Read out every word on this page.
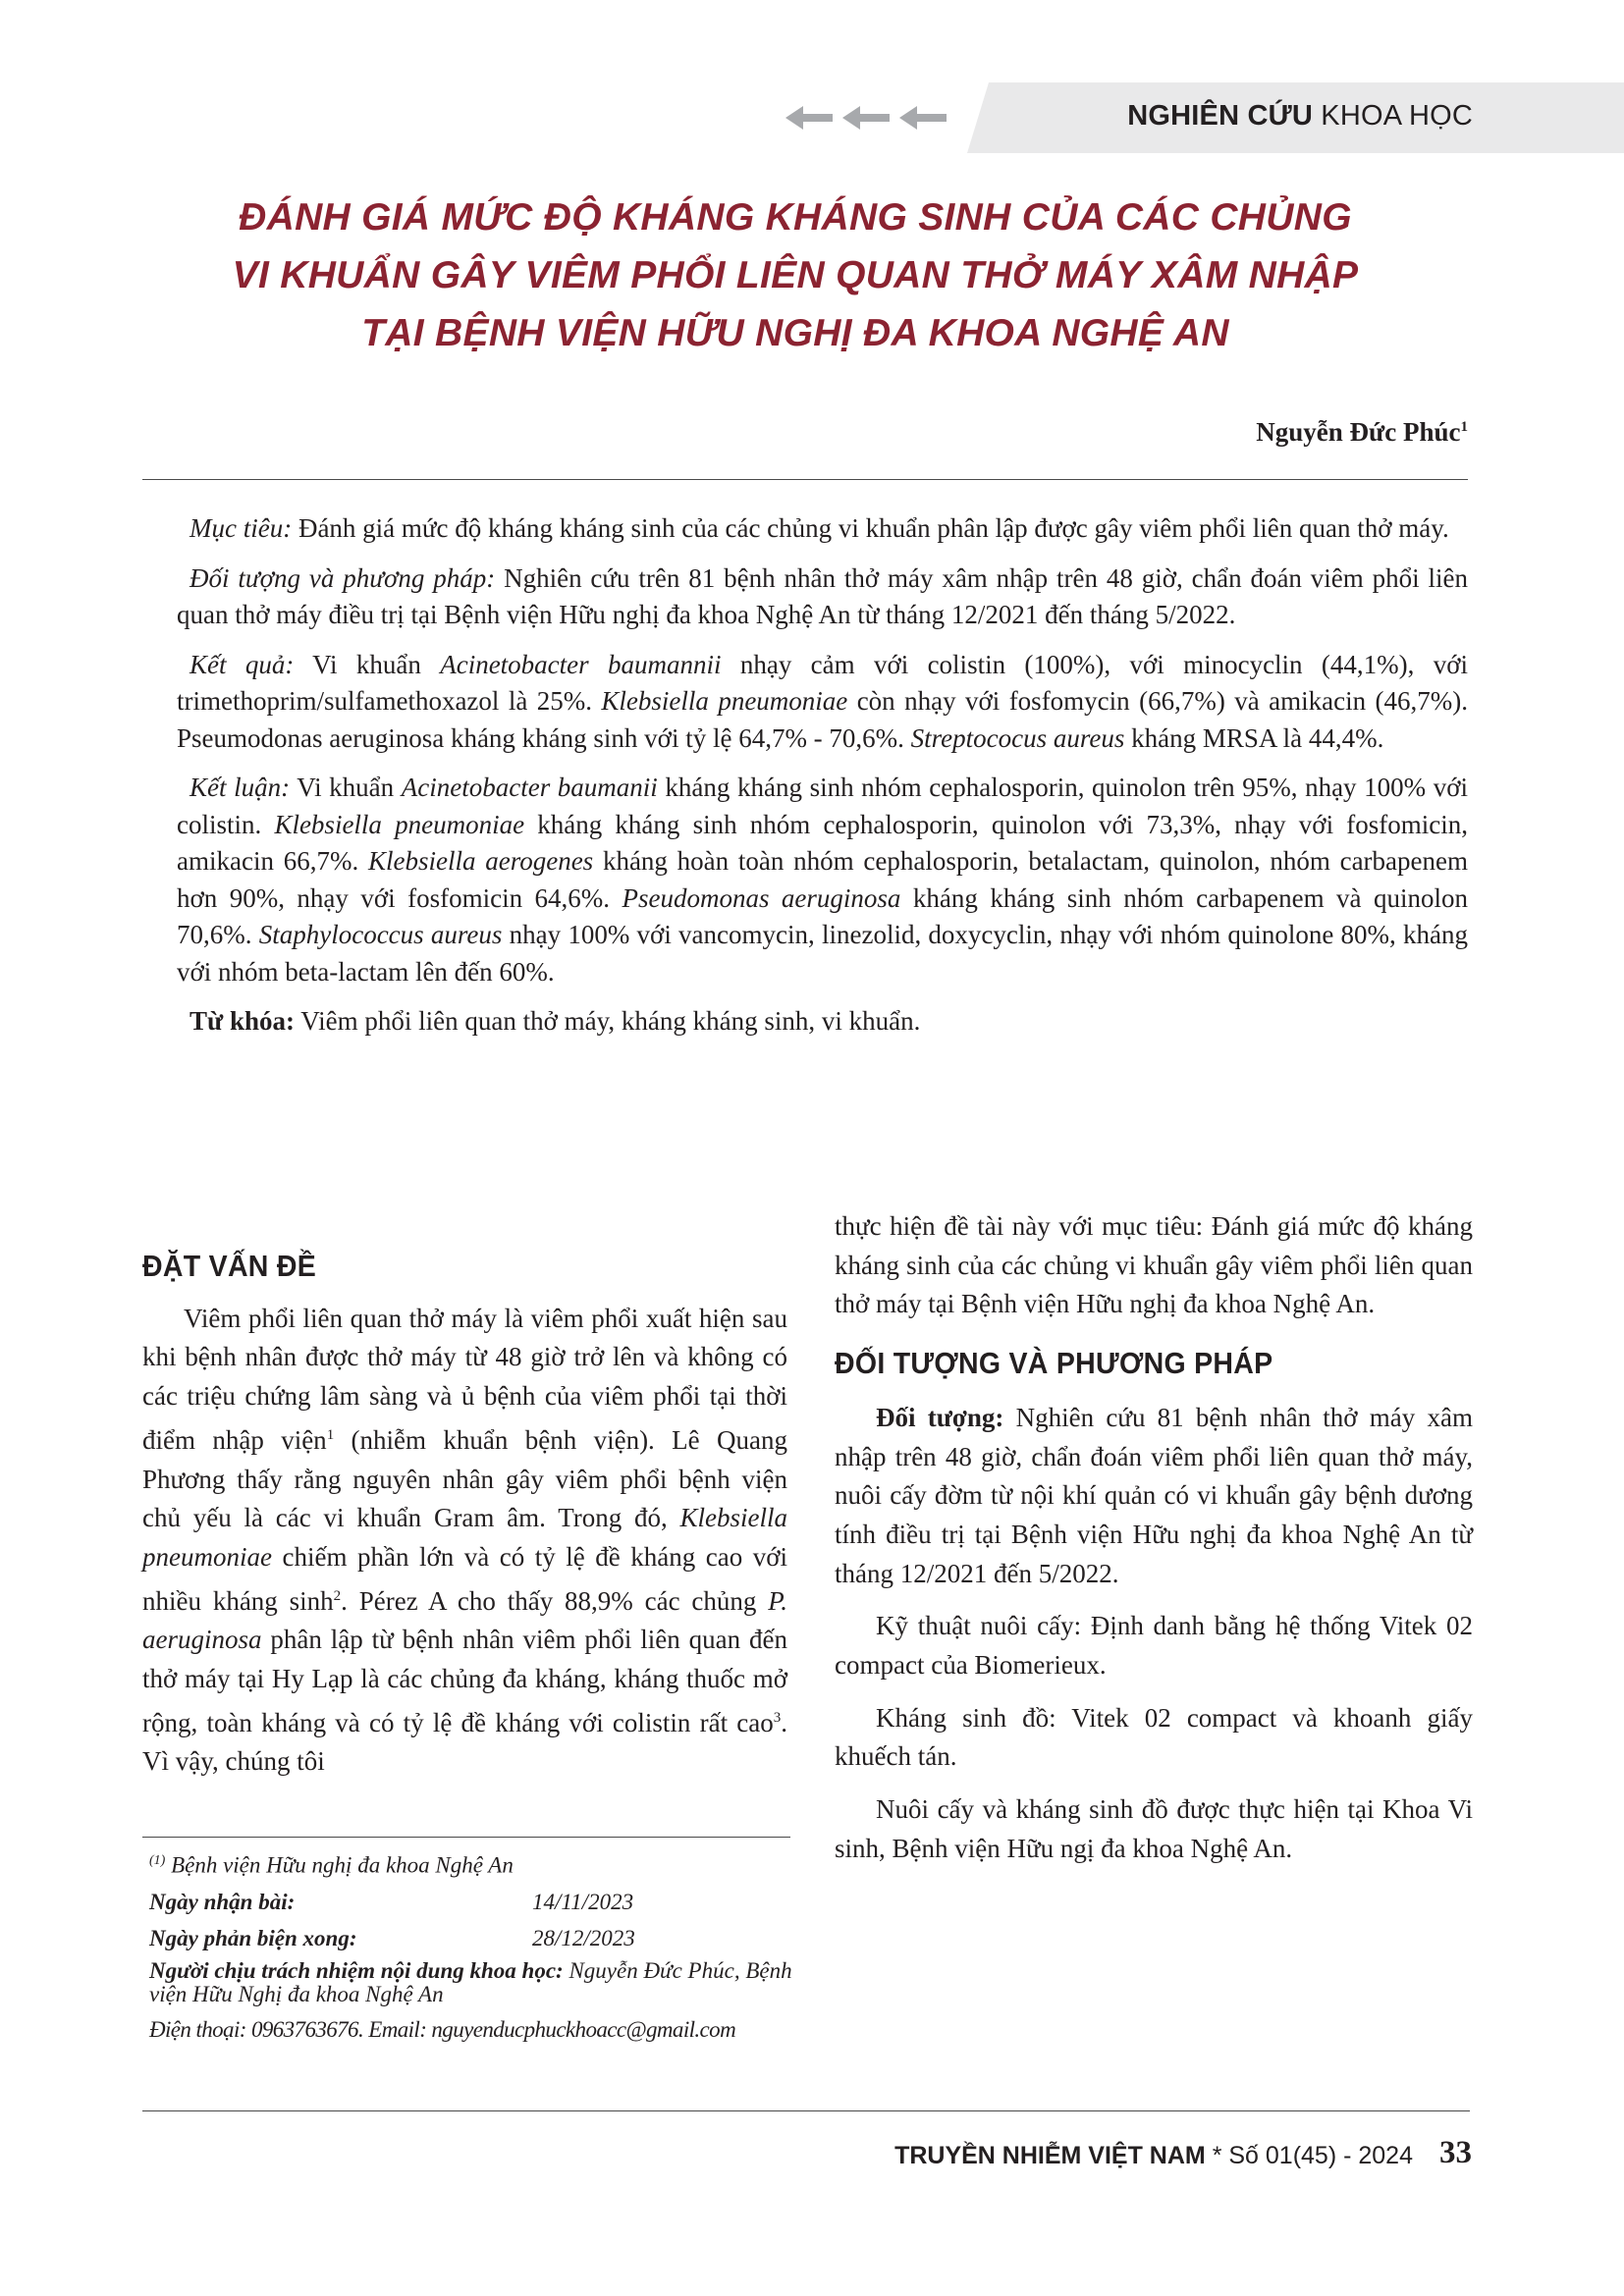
NGHIÊN CỨU KHOA HỌC
ĐÁNH GIÁ MỨC ĐỘ KHÁNG KHÁNG SINH CỦA CÁC CHỦNG
VI KHUẨN GÂY VIÊM PHỔI LIÊN QUAN THỞ MÁY XÂM NHẬP
TẠI BỆNH VIỆN HỮU NGHỊ ĐA KHOA NGHỆ AN
Nguyễn Đức Phúc$^1$

Mục tiêu: Đánh giá mức độ kháng kháng sinh của các chủng vi khuẩn phân lập được gây viêm phổi liên quan thở máy.

Đối tượng và phương pháp: Nghiên cứu trên 81 bệnh nhân thở máy xâm nhập trên 48 giờ, chẩn đoán viêm phổi liên quan thở máy điều trị tại Bệnh viện Hữu nghị đa khoa Nghệ An từ tháng 12/2021 đến tháng 5/2022.

Kết quả: Vi khuẩn Acinetobacter baumannii nhạy cảm với colistin (100%), với minocyclin (44,1%), với trimethoprim/sulfamethoxazol là 25%. Klebsiella pneumoniae còn nhạy với fosfomycin (66,7%) và amikacin (46,7%). Pseumodonas aeruginosa kháng kháng sinh với tỷ lệ 64,7% - 70,6%. Streptococus aureus kháng MRSA là 44,4%.

Kết luận: Vi khuẩn Acinetobacter baumanii kháng kháng sinh nhóm cephalosporin, quinolon trên 95%, nhạy 100% với colistin. Klebsiella pneumoniae kháng kháng sinh nhóm cephalosporin, quinolon với 73,3%, nhạy với fosfomicin, amikacin 66,7%. Klebsiella aerogenes kháng hoàn toàn nhóm cephalosporin, betalactam, quinolon, nhóm carbapenem hơn 90%, nhạy với fosfomicin 64,6%. Pseudomonas aeruginosa kháng kháng sinh nhóm carbapenem và quinolon 70,6%. Staphylococcus aureus nhạy 100% với vancomycin, linezolid, doxycyclin, nhạy với nhóm quinolone 80%, kháng với nhóm beta-lactam lên đến 60%.

Từ khóa: Viêm phổi liên quan thở máy, kháng kháng sinh, vi khuẩn.

ĐẶT VẤN ĐỀ

Viêm phổi liên quan thở máy là viêm phổi xuất hiện sau khi bệnh nhân được thở máy từ 48 giờ trở lên và không có các triệu chứng lâm sàng và ủ bệnh của viêm phổi tại thời điểm nhập viện$^1$ (nhiễm khuẩn bệnh viện). Lê Quang Phương thấy rằng nguyên nhân gây viêm phổi bệnh viện chủ yếu là các vi khuẩn Gram âm. Trong đó, Klebsiella pneumoniae chiếm phần lớn và có tỷ lệ đề kháng cao với nhiều kháng $\sinh^2$. Pérez A cho thấy 88,9% các chủng P. aeruginosa phân lập từ bệnh nhân viêm phổi liên quan đến thở máy tại Hy Lạp là các chủng đa kháng, kháng thuốc mở rộng, toàn kháng và có tỷ lệ đề kháng với colistin rất cao$^3$. Vì vậy, chúng tôi

thực hiện đề tài này với mục tiêu: Đánh giá mức độ kháng kháng sinh của các chủng vi khuẩn gây viêm phổi liên quan thở máy tại Bệnh viện Hữu nghị đa khoa Nghệ An.

ĐỐI TƯỢNG VÀ PHƯƠNG PHÁP

Đối tượng: Nghiên cứu 81 bệnh nhân thở máy xâm nhập trên 48 giờ, chẩn đoán viêm phổi liên quan thở máy, nuôi cấy đờm từ nội khí quản có vi khuẩn gây bệnh dương tính điều trị tại Bệnh viện Hữu nghị đa khoa Nghệ An từ tháng 12/2021 đến 5/2022.

Kỹ thuật nuôi cấy: Định danh bằng hệ thống Vitek 02 compact của Biomerieux.

Kháng sinh đồ: Vitek 02 compact và khoanh giấy khuếch tán.

Nuôi cấy và kháng sinh đồ được thực hiện tại Khoa Vi sinh, Bệnh viện Hữu ngị đa khoa Nghệ An.

$^{(1)}$ Bệnh viện Hữu nghị đa khoa Nghệ An
Ngày nhận bài:	14/11/2023
Ngày phản biện xong:	28/12/2023
Người chịu trách nhiệm nội dung khoa học: Nguyễn Đức Phúc, Bệnh viện Hữu Nghị đa khoa Nghệ An
Điện thoại: 0963763676. Email: nguyenducphuckhoacc@gmail.com
TRUYỀN NHIỄM VIỆT NAM * Số 01(45) - 2024 33
